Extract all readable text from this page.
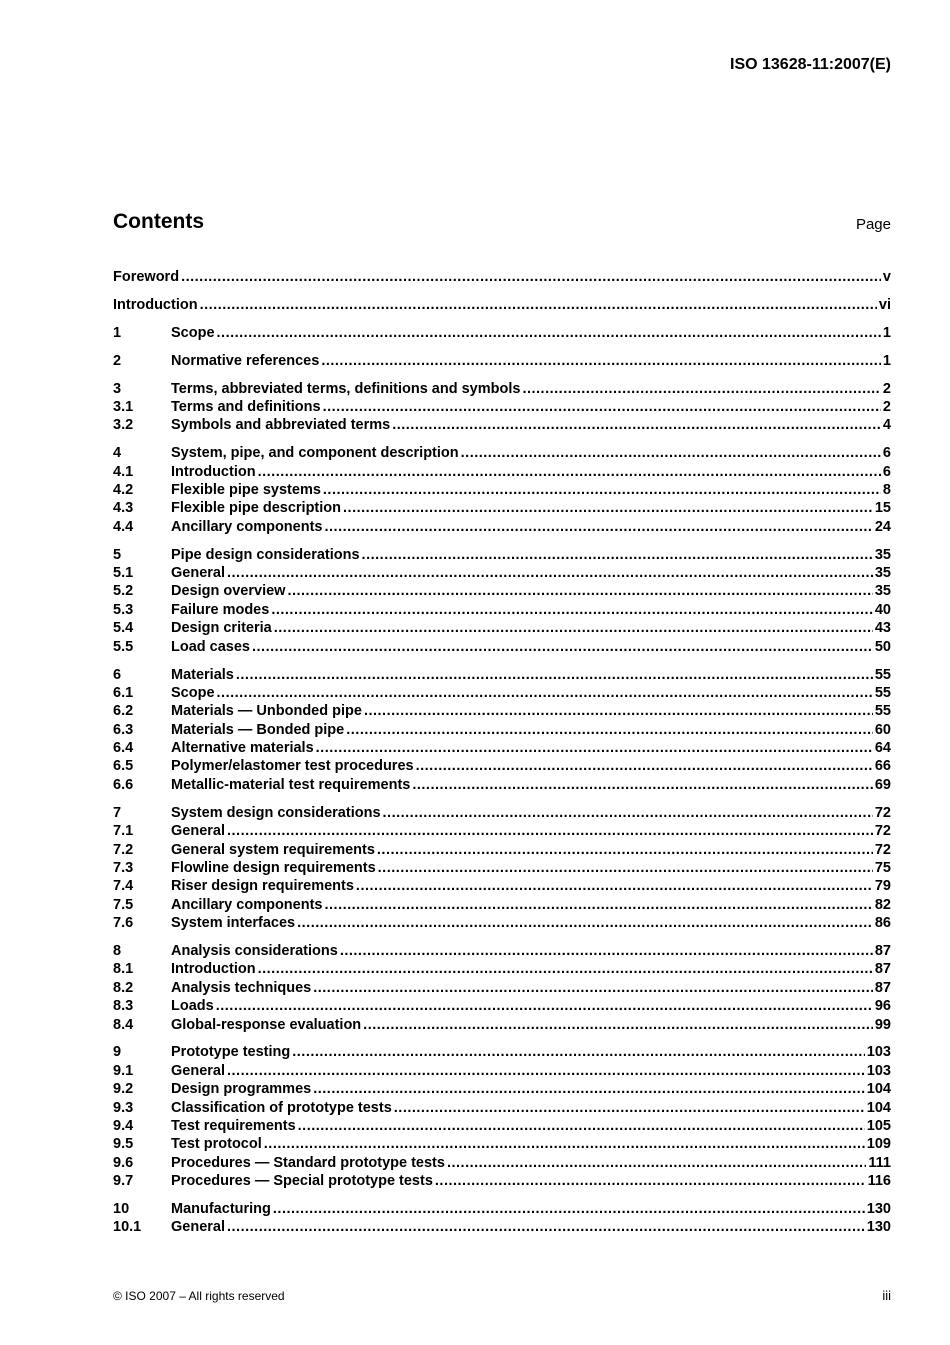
ISO 13628-11:2007(E)
Contents	Page
Foreword .....	v
Introduction .....	vi
1	Scope .....	1
2	Normative references .....	1
3	Terms, abbreviated terms, definitions and symbols .....	2
3.1	Terms and definitions .....	2
3.2	Symbols and abbreviated terms .....	4
4	System, pipe, and component description .....	6
4.1	Introduction .....	6
4.2	Flexible pipe systems .....	8
4.3	Flexible pipe description .....	15
4.4	Ancillary components .....	24
5	Pipe design considerations .....	35
5.1	General .....	35
5.2	Design overview .....	35
5.3	Failure modes .....	40
5.4	Design criteria .....	43
5.5	Load cases .....	50
6	Materials .....	55
6.1	Scope .....	55
6.2	Materials — Unbonded pipe .....	55
6.3	Materials — Bonded pipe .....	60
6.4	Alternative materials .....	64
6.5	Polymer/elastomer test procedures .....	66
6.6	Metallic-material test requirements .....	69
7	System design considerations .....	72
7.1	General .....	72
7.2	General system requirements .....	72
7.3	Flowline design requirements .....	75
7.4	Riser design requirements .....	79
7.5	Ancillary components .....	82
7.6	System interfaces .....	86
8	Analysis considerations .....	87
8.1	Introduction .....	87
8.2	Analysis techniques .....	87
8.3	Loads .....	96
8.4	Global-response evaluation .....	99
9	Prototype testing .....	103
9.1	General .....	103
9.2	Design programmes .....	104
9.3	Classification of prototype tests .....	104
9.4	Test requirements .....	105
9.5	Test protocol .....	109
9.6	Procedures — Standard prototype tests .....	111
9.7	Procedures — Special prototype tests .....	116
10	Manufacturing .....	130
10.1	General .....	130
© ISO 2007 – All rights reserved	iii
